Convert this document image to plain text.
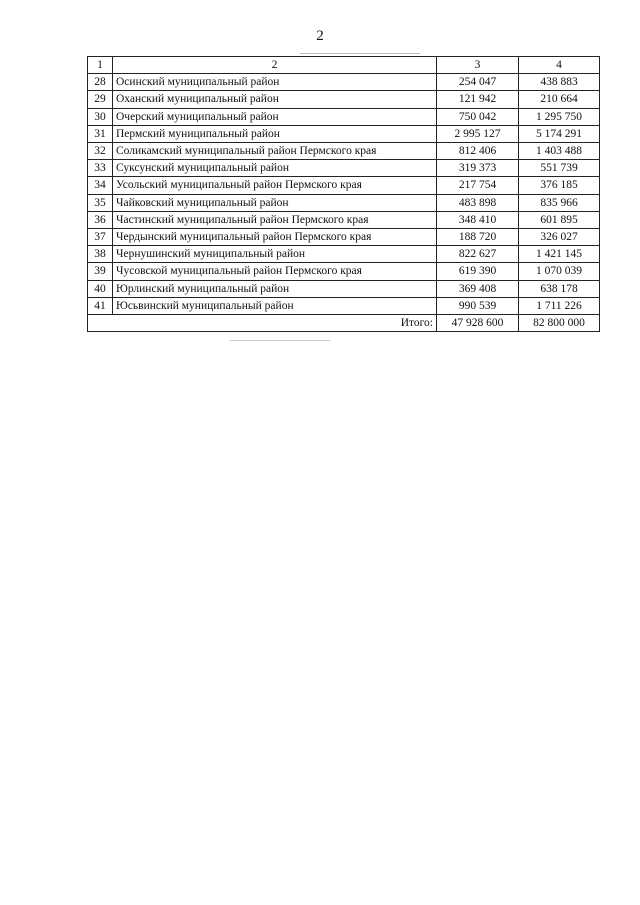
2
1	2	3	4
28	Осинский муниципальный район	254 047	438 883
29	Оханский муниципальный район	121 942	210 664
30	Очерский муниципальный район	750 042	1 295 750
31	Пермский муниципальный район	2 995 127	5 174 291
32	Соликамский муниципальный район Пермского края	812 406	1 403 488
33	Суксунский муниципальный район	319 373	551 739
34	Усольский муниципальный район Пермского края	217 754	376 185
35	Чайковский муниципальный район	483 898	835 966
36	Частинский муниципальный район Пермского края	348 410	601 895
37	Чердынский муниципальный район Пермского края	188 720	326 027
38	Чернушинский муниципальный район	822 627	1 421 145
39	Чусовской муниципальный район Пермского края	619 390	1 070 039
40	Юрлинский муниципальный район	369 408	638 178
41	Юсьвинский муниципальный район	990 539	1 711 226
Итого:		47 928 600	82 800 000
